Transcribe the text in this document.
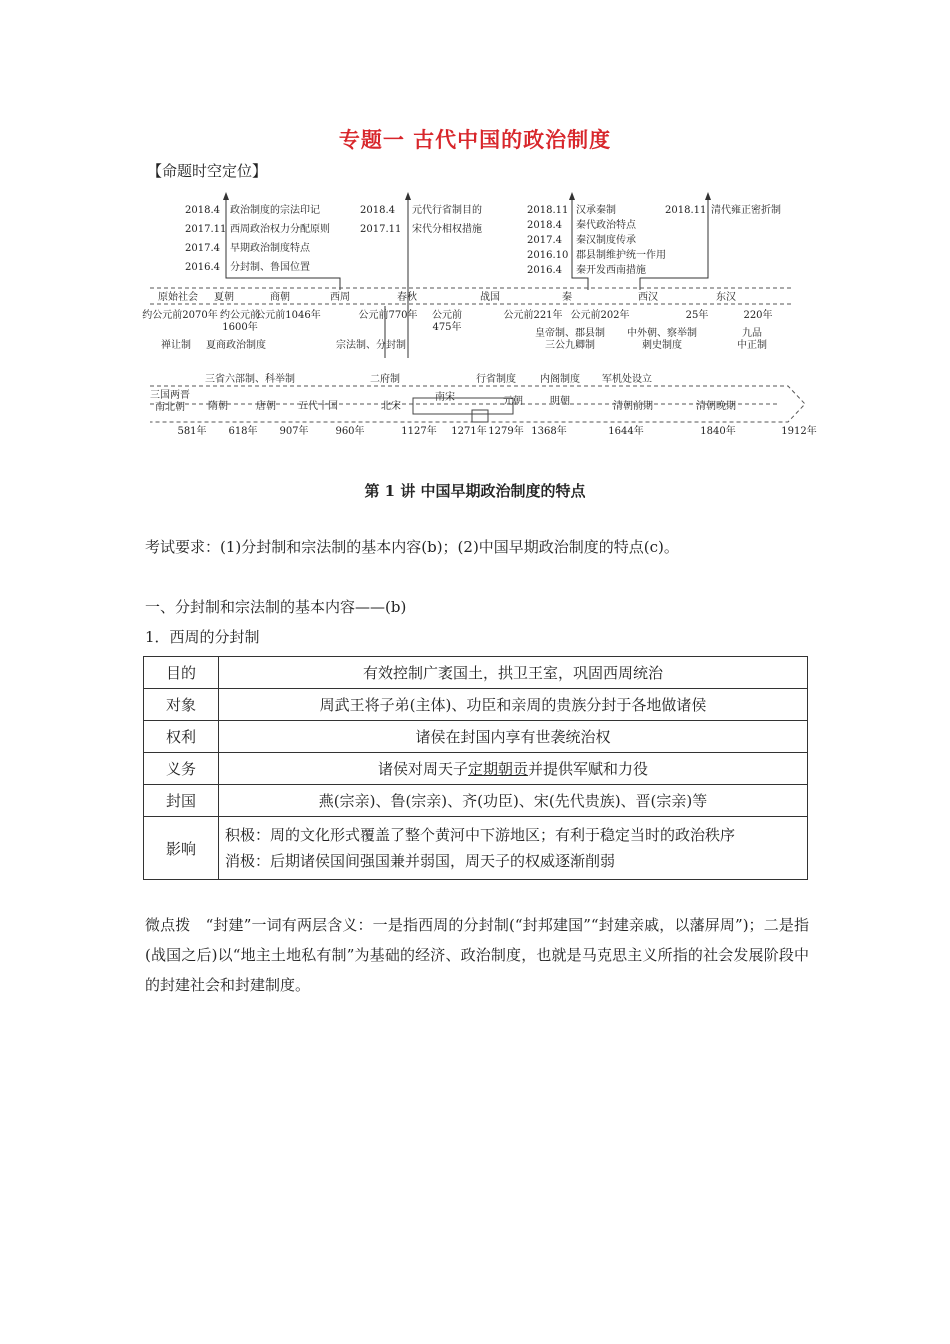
专题一 古代中国的政治制度
【命题时空定位】
2018.4
2017.11
2017.4
2016.4
政治制度的宗法印记
西周政治权力分配原则
早期政治制度特点
分封制、鲁国位置
2018.4
2017.11
元代行省制目的
宋代分相权措施
2018.11
2018.4
2017.4
2016.10
2016.4
汉承秦制
秦代政治特点
秦汉制度传承
郡县制维护统一作用
秦开发西南措施
2018.11 清代雍正密折制
原始社会 夏朝	商朝	西周	春秋	战国	秦	西汉	东汉
约公元前2070年 约公元前
1600年
公元前1046年	公元前770年 公元前
475年
公元前221年 公元前202年	25年	220年
禅让制 夏商政治制度	宗法制、分封制
皇帝制、郡县制
三公九卿制
中外朝、察举制
刺史制度
九品
中正制
三省六部制、科举制	二府制	行省制度 内阁制度 军机处设立
三国两晋
南北朝 隋朝	唐朝 五代十国	北宋
南宋	元朝	明朝	清朝前期	清朝晚期
581年 618年 907年	960年	1127年 1271年 1279年 1368年	1644年	1840年	1912年
第 1 讲 中国早期政治制度的特点
考试要求：(1)分封制和宗法制的基本内容(b)；(2)中国早期政治制度的特点(c)。
一、分封制和宗法制的基本内容——(b)
1．西周的分封制
目的	有效控制广袤国土，拱卫王室，巩固西周统治
对象	周武王将子弟(主体)、功臣和亲周的贵族分封于各地做诸侯
权利	诸侯在封国内享有世袭统治权
义务	诸侯对周天子定期朝贡并提供军赋和力役
封国	燕(宗亲)、鲁(宗亲)、齐(功臣)、宋(先代贵族)、晋(宗亲)等
影响	积极：周的文化形式覆盖了整个黄河中下游地区；有利于稳定当时的政治秩序
消极：后期诸侯国间强国兼并弱国，周天子的权威逐渐削弱
微点拨　“封建”一词有两层含义：一是指西周的分封制(“封邦建国”“封建亲戚，以藩屏周”)；二是指(战国之后)以“地主土地私有制”为基础的经济、政治制度，也就是马克思主义所指的社会发展阶段中的封建社会和封建制度。
